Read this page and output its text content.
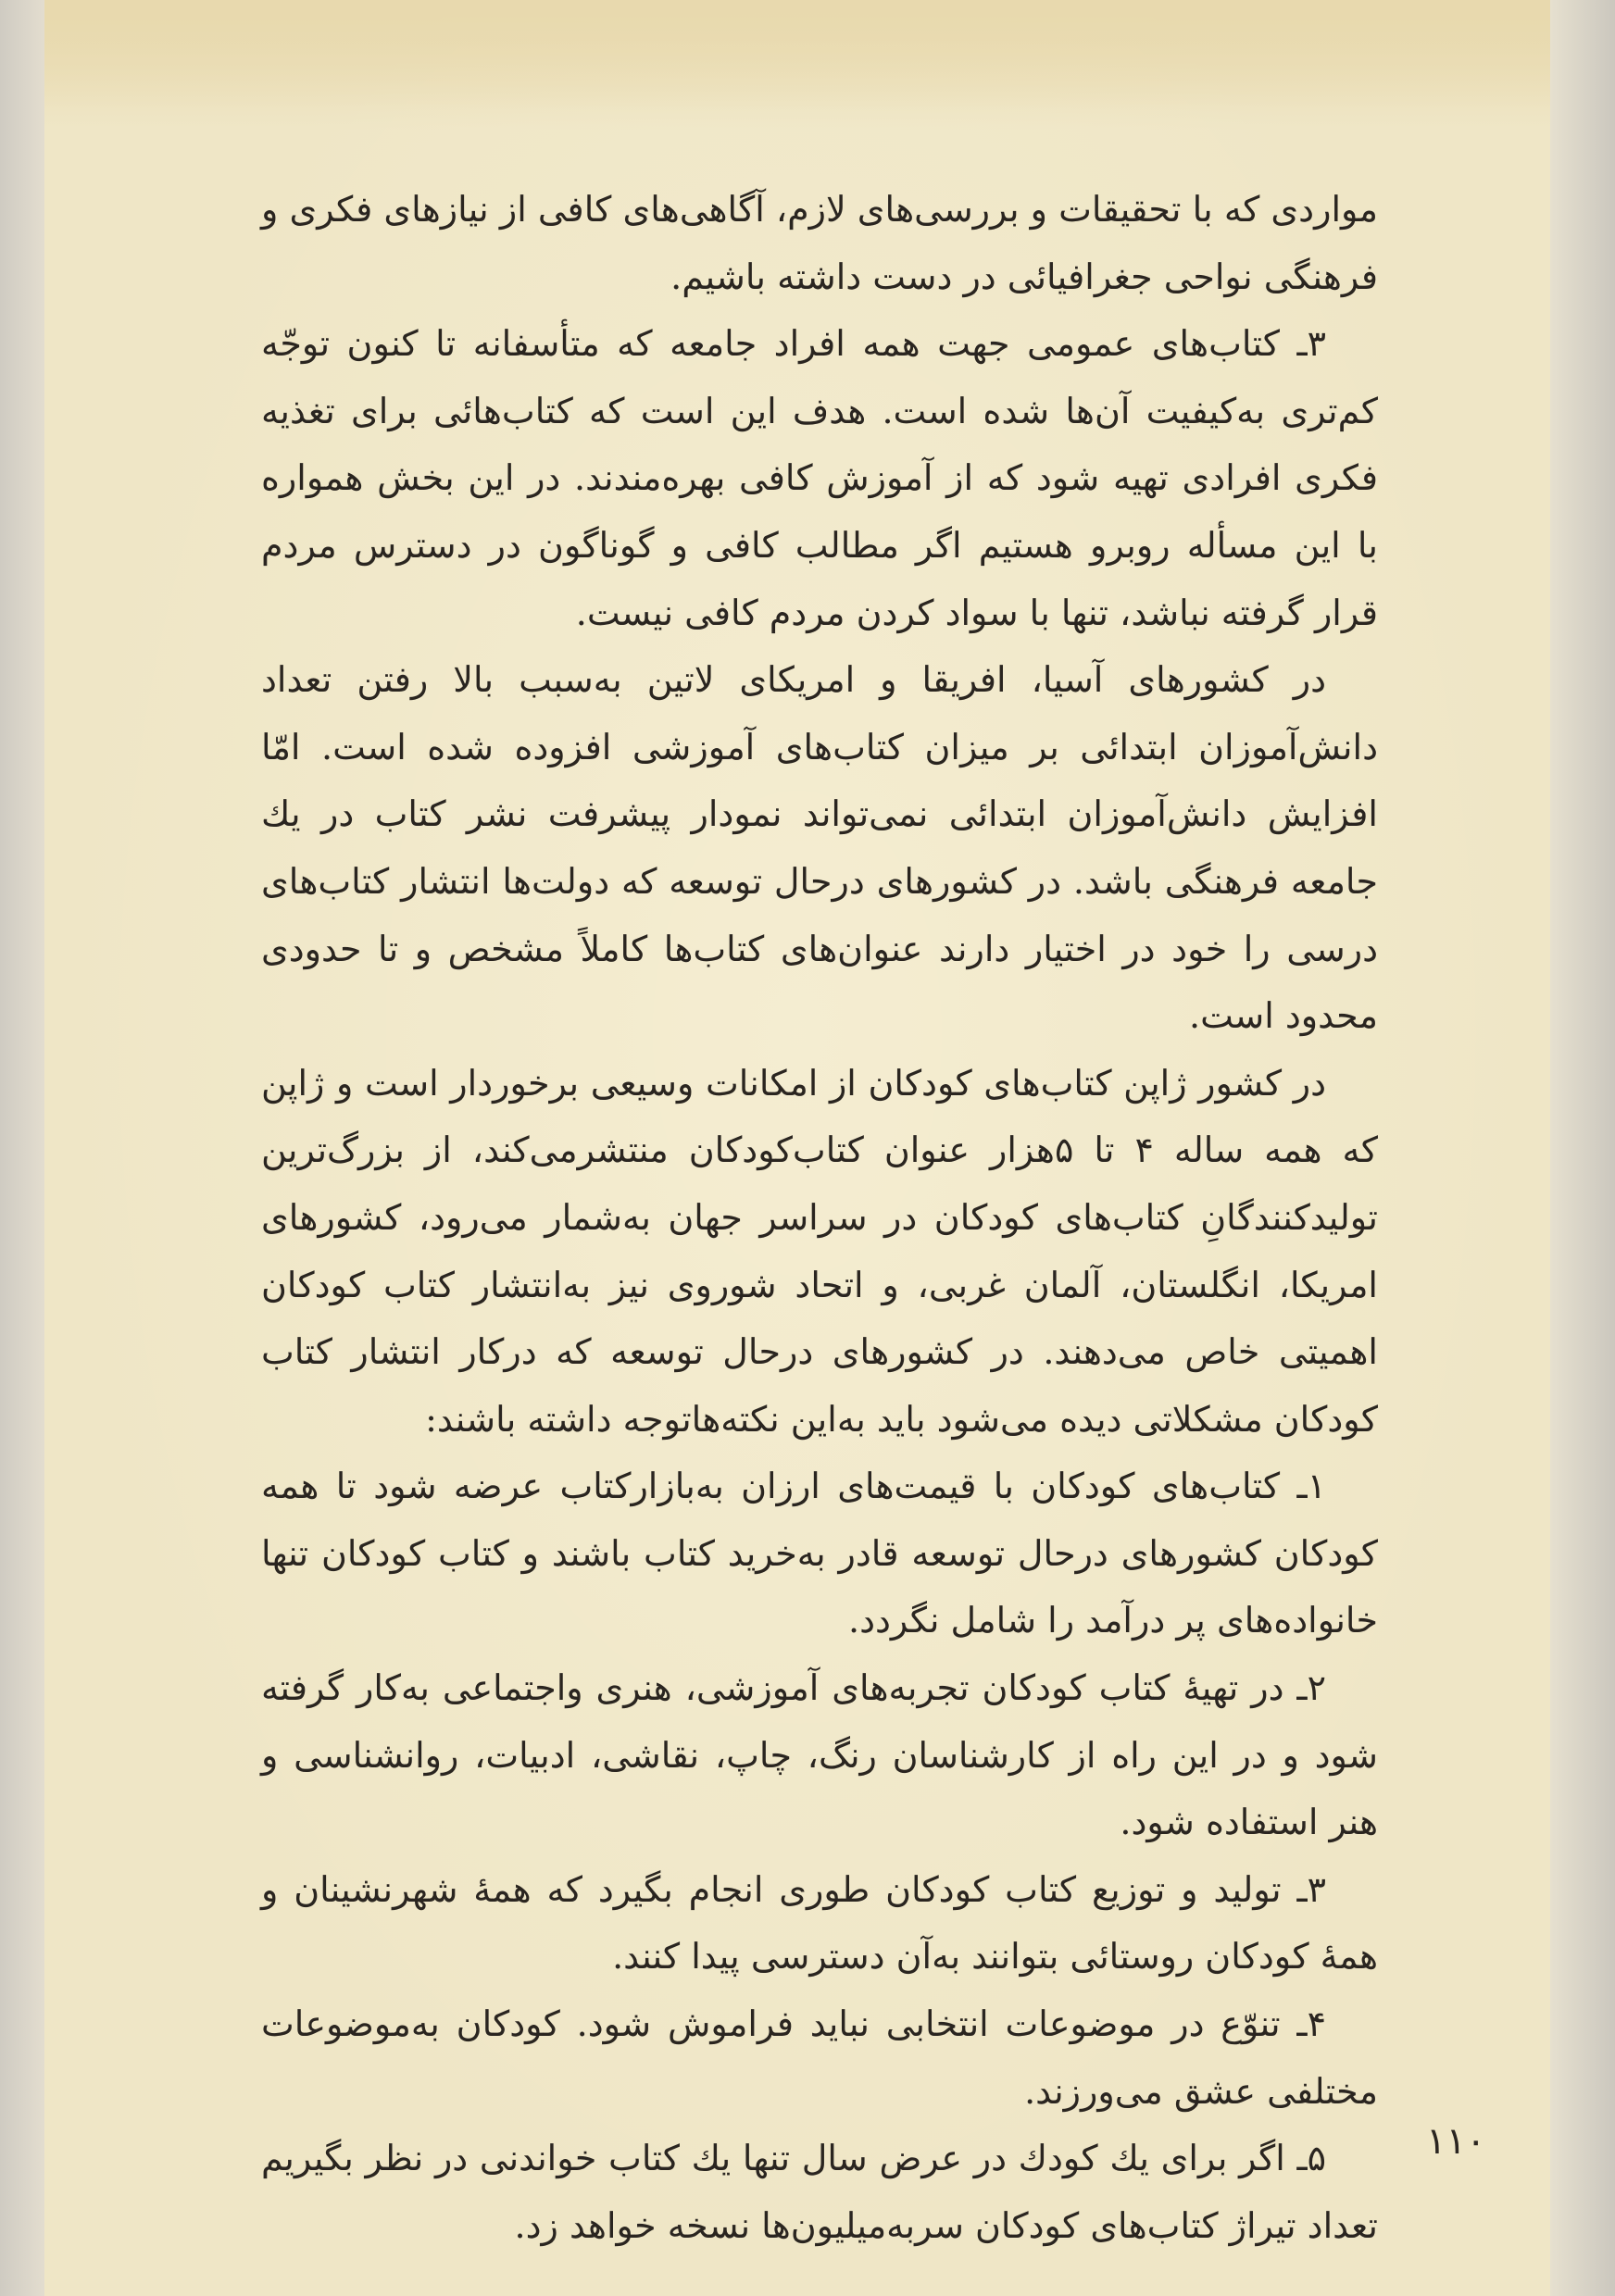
مواردی که با تحقیقات و بررسی‌های لازم، آگاهی‌های کافی از نیازهای فکری و فرهنگی نواحی جغرافیائی در دست داشته باشیم.

۳ـ کتاب‌های عمومی جهت همه افراد جامعه که متأسفانه تا کنون توجّه کم‌تری به‌کیفیت آن‌ها شده است. هدف این است که کتاب‌هائی برای تغذیه فکری افرادی تهیه شود که از آموزش کافی بهره‌مندند. در این بخش همواره با این مسأله روبرو هستیم اگر مطالب کافی و گوناگون در دسترس مردم قرار گرفته نباشد، تنها با سواد کردن مردم کافی نیست.

در کشورهای آسیا، افریقا و امریکای لاتین به‌سبب بالا رفتن تعداد دانش‌آموزان ابتدائی بر میزان کتاب‌های آموزشی افزوده شده است. امّا افزایش دانش‌آموزان ابتدائی نمی‌تواند نمودار پیشرفت نشر کتاب در یك جامعه فرهنگی باشد. در کشورهای درحال توسعه که دولت‌ها انتشار کتاب‌های درسی را خود در اختیار دارند عنوان‌های کتاب‌ها کاملاً مشخص و تا حدودی محدود است.

در کشور ژاپن کتاب‌های کودکان از امکانات وسیعی برخوردار است و ژاپن که همه ساله ۴ تا ۵هزار عنوان کتاب‌کودکان منتشرمی‌کند، از بزرگ‌ترین تولیدکنندگانِ کتاب‌های کودکان در سراسر جهان به‌شمار می‌رود، کشورهای امریکا، انگلستان، آلمان غربی، و اتحاد شوروی نیز به‌انتشار کتاب کودکان اهمیتی خاص می‌دهند. در کشورهای درحال توسعه که درکار انتشار کتاب کودکان مشکلاتی دیده می‌شود باید به‌این نکته‌هاتوجه داشته باشند:

۱ـ کتاب‌های کودکان با قیمت‌های ارزان به‌بازارکتاب عرضه شود تا همه کودکان کشورهای درحال توسعه قادر به‌خرید کتاب باشند و کتاب کودکان تنها خانواده‌های پر درآمد را شامل نگردد.

۲ـ در تهیهٔ کتاب کودکان تجربه‌های آموزشی، هنری واجتماعی به‌کار گرفته شود و در این راه از کارشناسان رنگ، چاپ، نقاشی، ادبیات، روانشناسی و هنر استفاده شود.

۳ـ تولید و توزیع کتاب کودکان طوری انجام بگیرد که همهٔ شهرنشینان و همهٔ کودکان روستائی بتوانند به‌آن دسترسی پیدا کنند.

۴ـ تنوّع در موضوعات انتخابی نباید فراموش شود. کودکان به‌موضوعات مختلفی عشق می‌ورزند.

۵ـ اگر برای یك کودك در عرض سال تنها یك کتاب خواندنی در نظر بگیریم تعداد تیراژ کتاب‌های کودکان سربه‌میلیون‌ها نسخه خواهد زد.

۱۱۰
